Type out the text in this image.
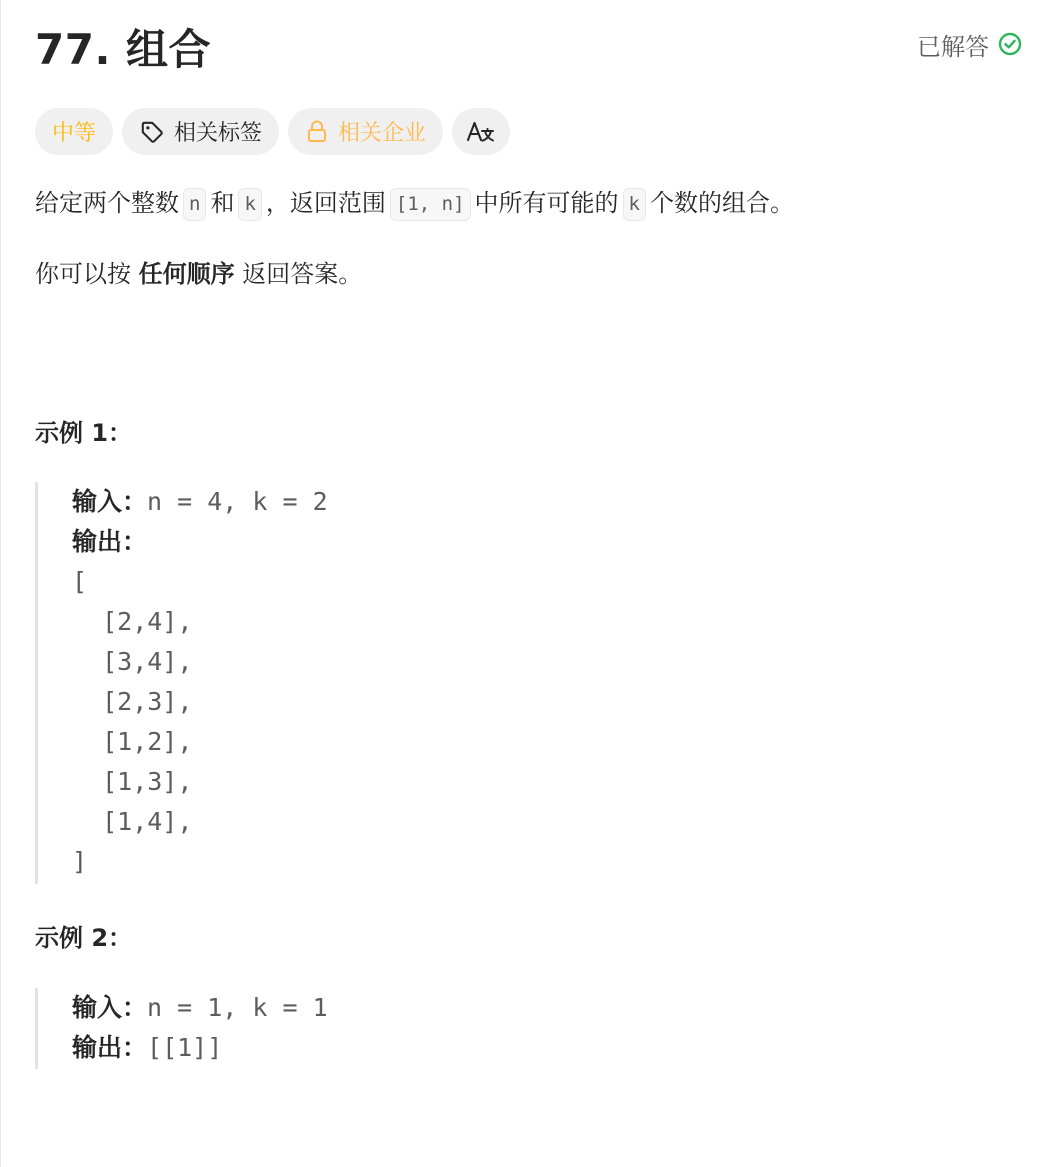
77. 组合	已解答
中等	相关标签	相关企业

给定两个整数 n 和 k ，返回范围 [1, n] 中所有可能的 k 个数的组合。

你可以按 任何顺序 返回答案。

示例 1：
输入：n = 4, k = 2
输出：
[
[2,4],
[3,4],
[2,3],
[1,2],
[1,3],
[1,4],
]
示例 2：
输入：n = 1, k = 1
输出：[[1]]
